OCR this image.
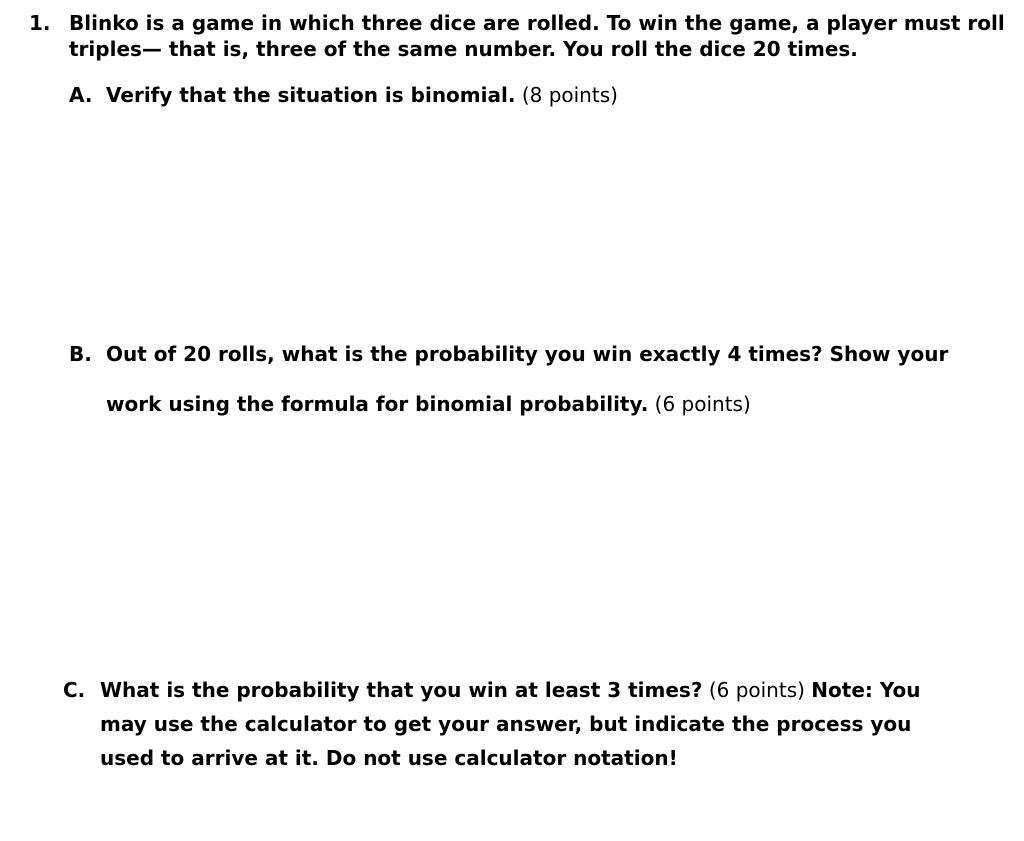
1. Blinko is a game in which three dice are rolled. To win the game, a player must roll triples— that is, three of the same number. You roll the dice 20 times.
A. Verify that the situation is binomial. (8 points)
B. Out of 20 rolls, what is the probability you win exactly 4 times? Show your work using the formula for binomial probability. (6 points)
C. What is the probability that you win at least 3 times? (6 points) Note: You may use the calculator to get your answer, but indicate the process you used to arrive at it. Do not use calculator notation!
